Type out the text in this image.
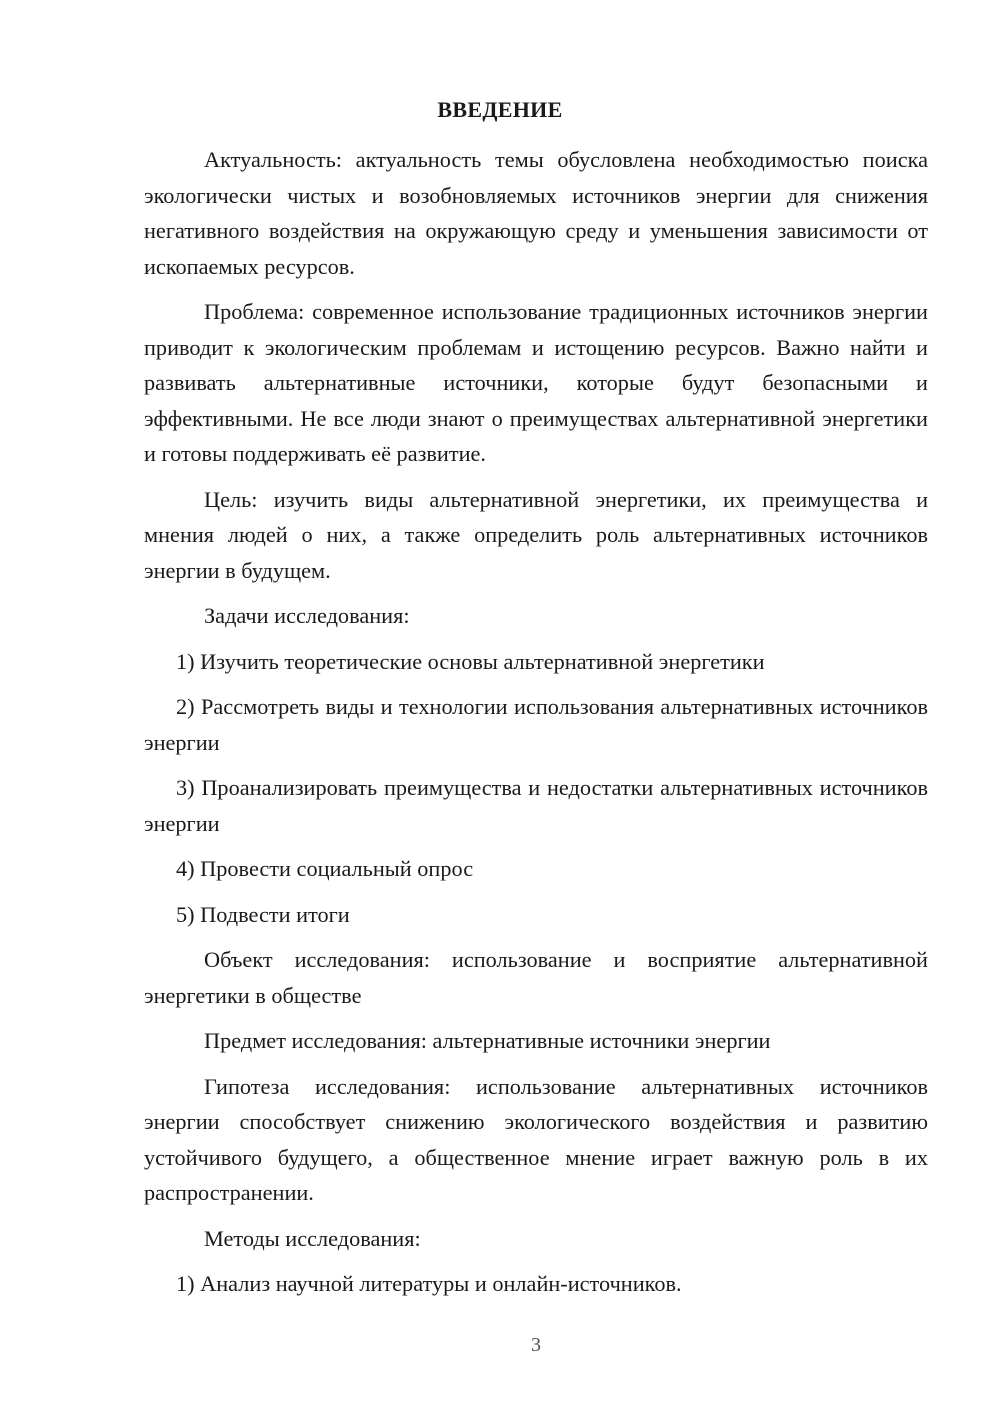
ВВЕДЕНИЕ

Актуальность: актуальность темы обусловлена необходимостью поиска экологически чистых и возобновляемых источников энергии для снижения негативного воздействия на окружающую среду и уменьшения зависимости от ископаемых ресурсов.

Проблема: современное использование традиционных источников энергии приводит к экологическим проблемам и истощению ресурсов. Важно найти и развивать альтернативные источники, которые будут безопасными и эффективными. Не все люди знают о преимуществах альтернативной энергетики и готовы поддерживать её развитие.

Цель: изучить виды альтернативной энергетики, их преимущества и мнения людей о них, а также определить роль альтернативных источников энергии в будущем.

Задачи исследования:

1) Изучить теоретические основы альтернативной энергетики

2) Рассмотреть виды и технологии использования альтернативных источников энергии

3) Проанализировать преимущества и недостатки альтернативных источников энергии

4) Провести социальный опрос

5) Подвести итоги

Объект исследования: использование и восприятие альтернативной энергетики в обществе

Предмет исследования: альтернативные источники энергии

Гипотеза исследования: использование альтернативных источников энергии способствует снижению экологического воздействия и развитию устойчивого будущего, а общественное мнение играет важную роль в их распространении.

Методы исследования:

1) Анализ научной литературы и онлайн-источников.

3
